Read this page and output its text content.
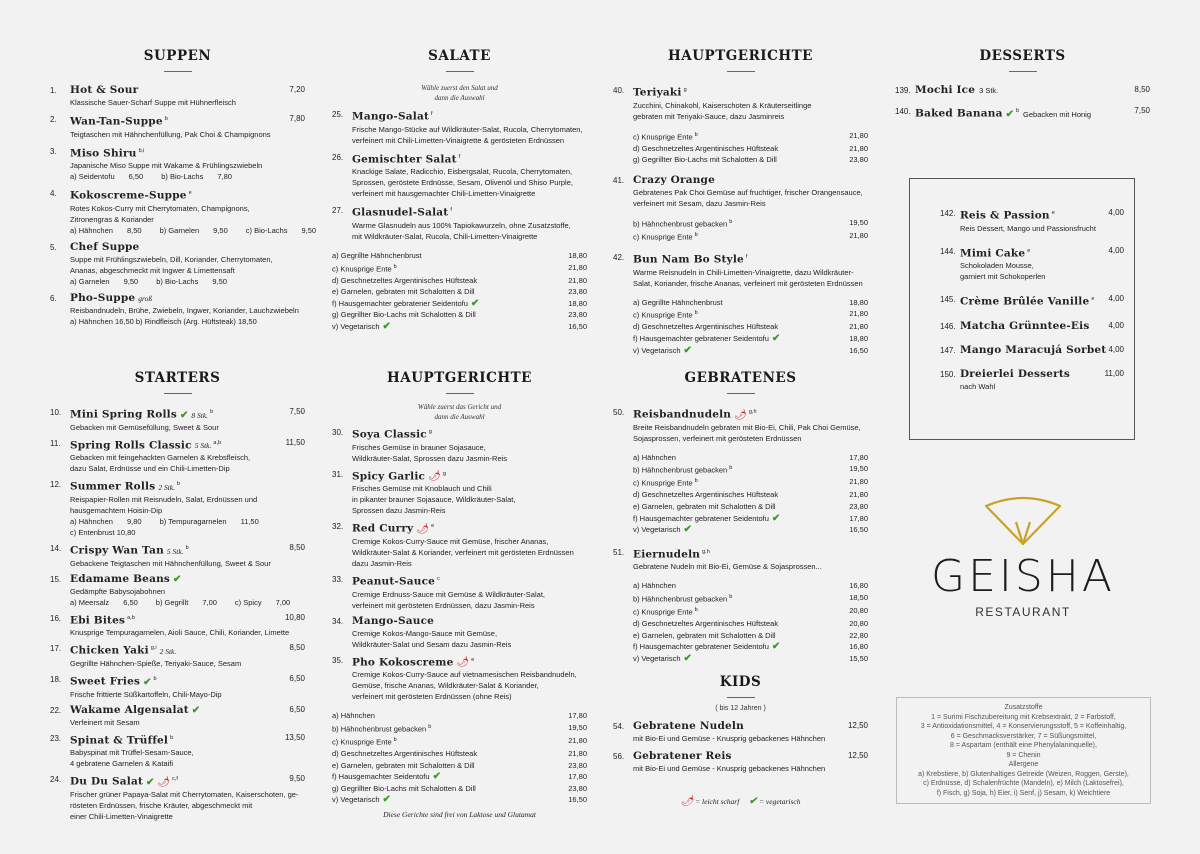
SUPPEN
1. Hot & Sour	7,20
Klassische Sauer-Scharf Suppe mit Hühnerfleisch
2. Wan-Tan-Suppe $^b$	7,80
Teigtaschen mit Hähnchenfüllung, Pak Choi & Champignons
3. Miso Shiru $^{b,i}$
Japanische Miso Suppe mit Wakame & Frühlingszwiebeln
a) Seidentofu 6,50 b) Bio-Lachs 7,80
4. Kokoscreme-Suppe $^e$
Rotes Kokos-Curry mit Cherrytomaten, Champignons,
Zitronengras & Koriander
a) Hähnchen 8,50 b) Garnelen 9,50 c) Bio-Lachs 9,50
5. Chef Suppe
Suppe mit Frühlingszwiebeln, Dill, Koriander, Cherrytomaten,
Ananas, abgeschmeckt mit Ingwer & Limettensaft
a) Garnelen 9,50 b) Bio-Lachs 9,50
6. Pho-Suppe groß
Reisbandnudeln, Brühe, Zwiebeln, Ingwer, Koriander, Lauchzwiebeln
a) Hähnchen 16,50 b) Rindfleisch (Arg. Hüftsteak) 18,50
STARTERS
10. Mini Spring Rolls ✔ 8 Stk. $^b$	7,50
Gebacken mit Gemüsefüllung, Sweet & Sour
11. Spring Rolls Classic 5 Stk. $^{a,b}$	11,50
Gebacken mit feingehackten Garnelen & Krebsfleisch,
dazu Salat, Erdnüsse und ein Chili-Limetten-Dip
12. Summer Rolls 2 Stk. $^b$
Reispapier-Rollen mit Reisnudeln, Salat, Erdnüssen und
hausgemachtem Hoisin-Dip
a) Hähnchen 9,80 b) Tempuragarnelen 11,50
c) Entenbrust 10,80
14. Crispy Wan Tan 5 Stk. $^b$	8,50
Gebackene Teigtaschen mit Hähnchenfüllung, Sweet & Sour
15. Edamame Beans ✔
Gedämpfte Babysojabohnen
a) Meersalz 6,50 b) Gegrillt 7,00 c) Spicy 7,00
16. Ebi Bites $^{a,b}$	10,80
Knusprige Tempuragarnelen, Aioli Sauce, Chili, Koriander, Limette
17. Chicken Yaki $^{g,i}$ 2 Stk.	8,50
Gegrillte Hähnchen-Spieße, Teriyaki-Sauce, Sesam
18. Sweet Fries ✔ $^b$	6,50
Frische frittierte Süßkartoffeln, Chili-Mayo-Dip
22. Wakame Algensalat ✔	6,50
Verfeinert mit Sesam
23. Spinat & Trüffel $^b$	13,50
Babyspinat mit Trüffel-Sesam-Sauce,
4 gebratene Garnelen & Kataifi
24. Du Du Salat ✔ 🌶︎ $^{c,f}$	9,50
Frischer grüner Papaya-Salat mit Cherrytomaten, Kaiserschoten, ge-
rösteten Erdnüssen, frische Kräuter, abgeschmeckt mit
einer Chili-Limetten-Vinaigrette
SALATE
Wähle zuerst den Salat und
dann die Auswahl
25. Mango-Salat $^f$
Frische Mango-Stücke auf Wildkräuter-Salat, Rucola, Cherrytomaten,
verfeinert mit Chili-Limetten-Vinaigrette & gerösteten Erdnüssen
26. Gemischter Salat $^f$
Knackige Salate, Radicchio, Eisbergsalat, Rucola, Cherrytomaten,
Sprossen, geröstete Erdnüsse, Sesam, Olivenöl und Shiso Purple,
verfeinert mit hausgemachter Chili-Limetten-Vinaigrette
27. Glasnudel-Salat $^f$
Warme Glasnudeln aus 100% Tapiokawurzeln, ohne Zusatzstoffe,
mit Wildkräuter-Salat, Rucola, Chili-Limetten-Vinaigrette
a) Gegrillte Hähnchenbrust	18,80
c) Knusprige Ente $^b$	21,80
d) Geschnetzeltes Argentinisches Hüftsteak	21,80
e) Garnelen, gebraten mit Schalotten & Dill	23,80
f) Hausgemachter gebratener Seidentofu ✔	18,80
g) Gegrillter Bio-Lachs mit Schalotten & Dill	23,80
v) Vegetarisch ✔	16,50
HAUPTGERICHTE
Wähle zuerst das Gericht und
dann die Auswahl
30. Soya Classic $^g$
Frisches Gemüse in brauner Sojasauce,
Wildkräuter-Salat, Sprossen dazu Jasmin-Reis
31. Spicy Garlic 🌶︎ $^g$
Frisches Gemüse mit Knoblauch und Chili
in pikanter brauner Sojasauce, Wildkräuter-Salat,
Sprossen dazu Jasmin-Reis
32. Red Curry 🌶︎ $^e$
Cremige Kokos-Curry-Sauce mit Gemüse, frischer Ananas,
Wildkräuter-Salat & Koriander, verfeinert mit gerösteten Erdnüssen
dazu Jasmin-Reis
33. Peanut-Sauce $^c$
Cremige Erdnuss-Sauce mit Gemüse & Wildkräuter-Salat,
verfeinert mit gerösteten Erdnüssen, dazu Jasmin-Reis
34. Mango-Sauce
Cremige Kokos-Mango-Sauce mit Gemüse,
Wildkräuter-Salat und Sesam dazu Jasmin-Reis
35. Pho Kokoscreme 🌶︎ $^e$
Cremige Kokos-Curry-Sauce auf vietnamesischen Reisbandnudeln,
Gemüse, frische Ananas, Wildkräuter-Salat & Koriander,
verfeinert mit gerösteten Erdnüssen (ohne Reis)
a) Hähnchen	17,80
b) Hähnchenbrust gebacken $^b$	19,50
c) Knusprige Ente $^b$	21,80
d) Geschnetzeltes Argentinisches Hüftsteak	21,80
e) Garnelen, gebraten mit Schalotten & Dill	23,80
f) Hausgemachter Seidentofu ✔	17,80
g) Gegrillter Bio-Lachs mit Schalotten & Dill	23,80
v) Vegetarisch ✔	16,50
Diese Gerichte sind frei von Laktose und Glutamat
HAUPTGERICHTE
40. Teriyaki $^g$
Zucchini, Chinakohl, Kaiserschoten & Kräuterseitlinge
gebraten mit Teriyaki-Sauce, dazu Jasminreis
c) Knusprige Ente $^b$	21,80
d) Geschnetzeltes Argentinisches Hüftsteak	21,80
g) Gegrillter Bio-Lachs mit Schalotten & Dill	23,80
41. Crazy Orange
Gebratenes Pak Choi Gemüse auf fruchtiger, frischer Orangensauce,
verfeinert mit Sesam, dazu Jasmin-Reis
b) Hähnchenbrust gebacken $^b$	19,50
c) Knusprige Ente $^b$	21,80
42. Bun Nam Bo Style $^f$
Warme Reisnudeln in Chili-Limetten-Vinaigrette, dazu Wildkräuter-
Salat, Koriander, frische Ananas, verfeinert mit gerösteten Erdnüssen
a) Gegrillte Hähnchenbrust	18,80
c) Knusprige Ente $^b$	21,80
d) Geschnetzeltes Argentinisches Hüftsteak	21,80
f) Hausgemachter gebratener Seidentofu ✔	18,80
v) Vegetarisch ✔	16,50
GEBRATENES
50. Reisbandnudeln 🌶︎ $^{g,h}$
Breite Reisbandnudeln gebraten mit Bio-Ei, Chili, Pak Choi Gemüse,
Sojasprossen, verfeinert mit gerösteten Erdnüssen
a) Hähnchen	17,80
b) Hähnchenbrust gebacken $^b$	19,50
c) Knusprige Ente $^b$	21,80
d) Geschnetzeltes Argentinisches Hüftsteak	21,80
e) Garnelen, gebraten mit Schalotten & Dill	23,80
f) Hausgemachter gebratener Seidentofu ✔	17,80
v) Vegetarisch ✔	16,50
51. Eiernudeln $^{g,h}$
Gebratene Nudeln mit Bio-Ei, Gemüse & Sojasprossen...
a) Hähnchen	16,80
b) Hähnchenbrust gebacken $^b$	18,50
c) Knusprige Ente $^b$	20,80
d) Geschnetzeltes Argentinisches Hüftsteak	20,80
e) Garnelen, gebraten mit Schalotten & Dill	22,80
f) Hausgemachter gebratener Seidentofu ✔	16,80
v) Vegetarisch ✔	15,50
KIDS
( bis 12 Jahren )
54. Gebratene Nudeln	12,50
mit Bio-Ei und Gemüse - Knusprig gebackenes Hähnchen
56. Gebratener Reis	12,50
mit Bio-Ei und Gemüse - Knusprig gebackenes Hähnchen
🌶︎ = leicht scharf ✔ = vegetarisch
DESSERTS
139. Mochi Ice 3 Stk.	8,50
140. Baked Banana ✔ $^b$ Gebacken mit Honig	7,50
142. Reis & Passion $^e$	4,00
Reis Dessert, Mango und Passionsfrucht
144. Mimi Cake $^e$	4,00
Schokoladen Mousse,
garniert mit Schokoperlen
145. Crème Brûlée Vanille $^e$	4,00
146. Matcha Grünntee-Eis	4,00
147. Mango Maracujá Sorbet 4,00
150. Dreierlei Desserts	11,00
nach Wahl
GEISHA
RESTAURANT
Zusatzstoffe
1 = Surimi Fischzubereitung mit Krebsextrakt, 2 = Farbstoff,
3 = Antioxidationsmittel, 4 = Konservierungsstoff, 5 = Koffeinhaltig,
6 = Geschmacksverstärker, 7 = Süßungsmittel,
8 = Aspartam (enthält eine Phenylalaninquelle),
9 = Chenin
Allergene
a) Krebstiere, b) Glutenhaltiges Getreide (Weizen, Roggen, Gerste),
c) Erdnüsse, d) Schalenfrüchte (Mandeln), e) Milch (Laktosefrei),
f) Fisch, g) Soja, h) Eier, i) Senf, j) Sesam, k) Weichtiere
